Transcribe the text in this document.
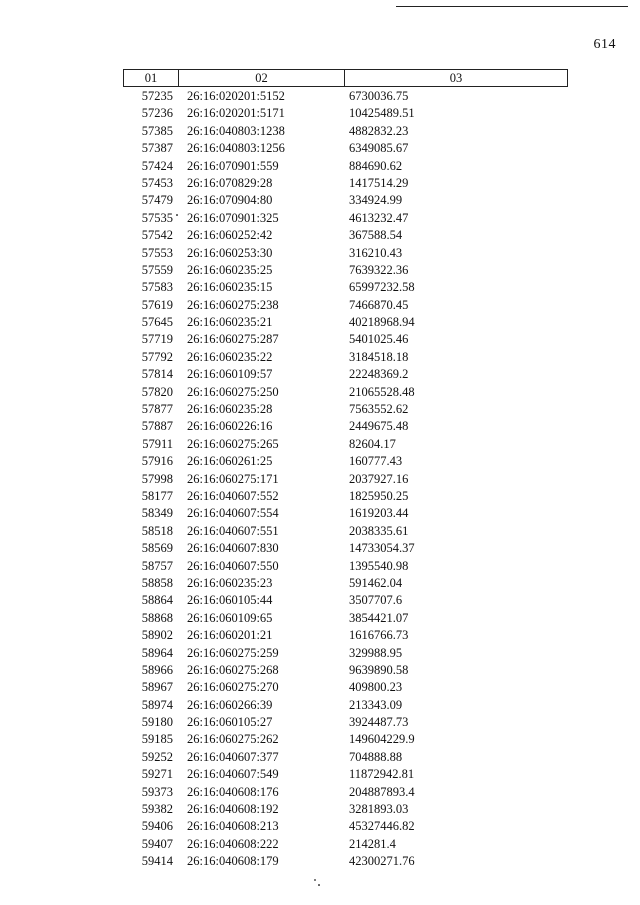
614
01	02	03
57235	26:16:020201:5152	6730036.75
57236	26:16:020201:5171	10425489.51
57385	26:16:040803:1238	4882832.23
57387	26:16:040803:1256	6349085.67
57424	26:16:070901:559	884690.62
57453	26:16:070829:28	1417514.29
57479	26:16:070904:80	334924.99
57535	26:16:070901:325	4613232.47
57542	26:16:060252:42	367588.54
57553	26:16:060253:30	316210.43
57559	26:16:060235:25	7639322.36
57583	26:16:060235:15	65997232.58
57619	26:16:060275:238	7466870.45
57645	26:16:060235:21	40218968.94
57719	26:16:060275:287	5401025.46
57792	26:16:060235:22	3184518.18
57814	26:16:060109:57	22248369.2
57820	26:16:060275:250	21065528.48
57877	26:16:060235:28	7563552.62
57887	26:16:060226:16	2449675.48
57911	26:16:060275:265	82604.17
57916	26:16:060261:25	160777.43
57998	26:16:060275:171	2037927.16
58177	26:16:040607:552	1825950.25
58349	26:16:040607:554	1619203.44
58518	26:16:040607:551	2038335.61
58569	26:16:040607:830	14733054.37
58757	26:16:040607:550	1395540.98
58858	26:16:060235:23	591462.04
58864	26:16:060105:44	3507707.6
58868	26:16:060109:65	3854421.07
58902	26:16:060201:21	1616766.73
58964	26:16:060275:259	329988.95
58966	26:16:060275:268	9639890.58
58967	26:16:060275:270	409800.23
58974	26:16:060266:39	213343.09
59180	26:16:060105:27	3924487.73
59185	26:16:060275:262	149604229.9
59252	26:16:040607:377	704888.88
59271	26:16:040607:549	11872942.81
59373	26:16:040608:176	204887893.4
59382	26:16:040608:192	3281893.03
59406	26:16:040608:213	45327446.82
59407	26:16:040608:222	214281.4
59414	26:16:040608:179	42300271.76
